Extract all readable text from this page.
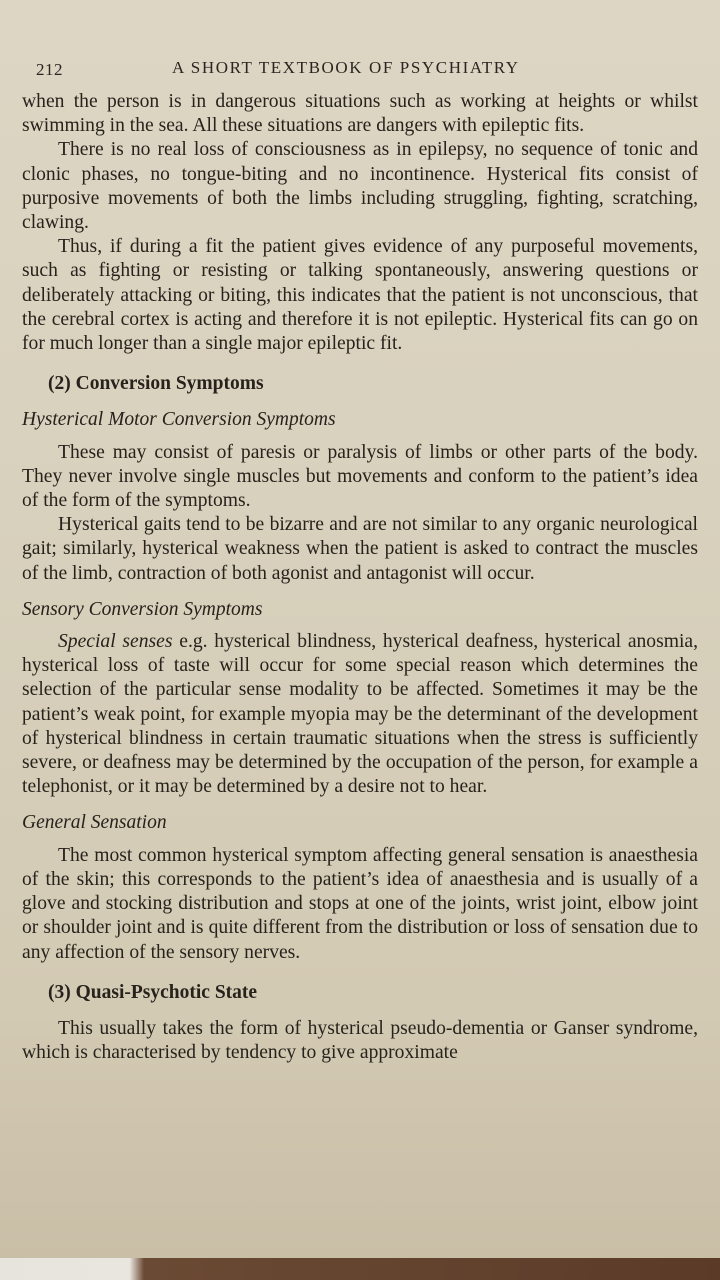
212	A SHORT TEXTBOOK OF PSYCHIATRY

when the person is in dangerous situations such as working at heights or whilst swimming in the sea. All these situations are dangers with epileptic fits.

There is no real loss of consciousness as in epilepsy, no sequence of tonic and clonic phases, no tongue-biting and no incontinence. Hysterical fits consist of purposive movements of both the limbs including struggling, fighting, scratching, clawing.

Thus, if during a fit the patient gives evidence of any purposeful movements, such as fighting or resisting or talking spontaneously, answering questions or deliberately attacking or biting, this indicates that the patient is not unconscious, that the cerebral cortex is acting and therefore it is not epileptic. Hysterical fits can go on for much longer than a single major epileptic fit.

(2) Conversion Symptoms
Hysterical Motor Conversion Symptoms

These may consist of paresis or paralysis of limbs or other parts of the body. They never involve single muscles but movements and conform to the patient’s idea of the form of the symptoms.

Hysterical gaits tend to be bizarre and are not similar to any organic neurological gait; similarly, hysterical weakness when the patient is asked to contract the muscles of the limb, contraction of both agonist and antagonist will occur.

Sensory Conversion Symptoms

Special senses e.g. hysterical blindness, hysterical deafness, hysterical anosmia, hysterical loss of taste will occur for some special reason which determines the selection of the particular sense modality to be affected. Sometimes it may be the patient’s weak point, for example myopia may be the determinant of the development of hysterical blindness in certain traumatic situations when the stress is sufficiently severe, or deafness may be determined by the occupation of the person, for example a telephonist, or it may be determined by a desire not to hear.

General Sensation

The most common hysterical symptom affecting general sensation is anaesthesia of the skin; this corresponds to the patient’s idea of anaesthesia and is usually of a glove and stocking distribution and stops at one of the joints, wrist joint, elbow joint or shoulder joint and is quite different from the distribution or loss of sensation due to any affection of the sensory nerves.

(3) Quasi-Psychotic State

This usually takes the form of hysterical pseudo-dementia or Ganser syndrome, which is characterised by tendency to give approximate
